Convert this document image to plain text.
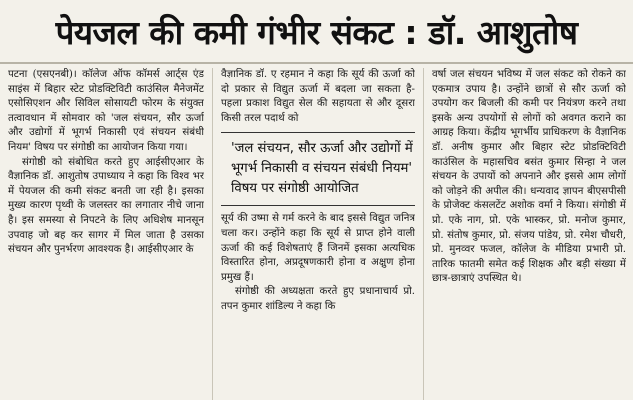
पेयजल की कमी गंभीर संकट : डॉ. आशुतोष

पटना (एसएनबी)। कॉलेज ऑफ कॉमर्स आर्ट्स एंड साइंस में बिहार स्टेट प्रोडक्टिविटी काउंसिल मैनेजमेंट एसोसिएशन और सिविल सोसायटी फोरम के संयुक्त तत्वावधान में सोमवार को 'जल संचयन, सौर ऊर्जा और उद्योगों में भूगर्भ निकासी एवं संचयन संबंधी नियम' विषय पर संगोष्ठी का आयोजन किया गया।

संगोष्ठी को संबोधित करते हुए आईसीएआर के वैज्ञानिक डॉ. आशुतोष उपाध्याय ने कहा कि विश्व भर में पेयजल की कमी संकट बनती जा रही है। इसका मुख्य कारण पृथ्वी के जलस्तर का लगातार नीचे जाना है। इस समस्या से निपटने के लिए अधिशेष मानसून उपवाह जो बह कर सागर में मिल जाता है उसका संचयन और पुनर्भरण आवश्यक है। आईसीएआर के

वैज्ञानिक डॉ. ए रहमान ने कहा कि सूर्य की ऊर्जा को दो प्रकार से विद्युत ऊर्जा में बदला जा सकता है- पहला प्रकाश विद्युत सेल की सहायता से और दूसरा किसी तरल पदार्थ को

'जल संचयन, सौर ऊर्जा और उद्योगों में भूगर्भ निकासी व संचयन संबंधी नियम' विषय पर संगोष्ठी आयोजित

सूर्य की उष्मा से गर्म करने के बाद इससे विद्युत जनित्र चला कर। उन्होंने कहा कि सूर्य से प्राप्त होने वाली ऊर्जा की कई विशेषताएं हैं जिनमें इसका अत्यधिक विस्तारित होना, अप्रदूषणकारी होना व अक्षुण होना प्रमुख हैं।

संगोष्ठी की अध्यक्षता करते हुए प्रधानाचार्य प्रो. तपन कुमार शांडिल्य ने कहा कि

वर्षा जल संचयन भविष्य में जल संकट को रोकने का एकमात्र उपाय है। उन्होंने छात्रों से सौर ऊर्जा को उपयोग कर बिजली की कमी पर नियंत्रण करने तथा इसके अन्य उपयोगों से लोगों को अवगत कराने का आग्रह किया। केंद्रीय भूगर्भीय प्राधिकरण के वैज्ञानिक डॉ. अनीष कुमार और बिहार स्टेट प्रोडक्टिविटी काउंसिल के महासचिव बसंत कुमार सिन्हा ने जल संचयन के उपायों को अपनाने और इससे आम लोगों को जोड़ने की अपील की। धन्यवाद ज्ञापन बीएसपीसी के प्रोजेक्ट कंसलटेंट अशोक वर्मा ने किया। संगोष्ठी में प्रो. एके नाग, प्रो. एके भास्कर, प्रो. मनोज कुमार, प्रो. संतोष कुमार, प्रो. संजय पांडेय, प्रो. रमेश चौधरी, प्रो. मुनव्वर फजल, कॉलेज के मीडिया प्रभारी प्रो. तारिक फातमी समेत कई शिक्षक और बड़ी संख्या में छात्र-छात्राएं उपस्थित थे।
